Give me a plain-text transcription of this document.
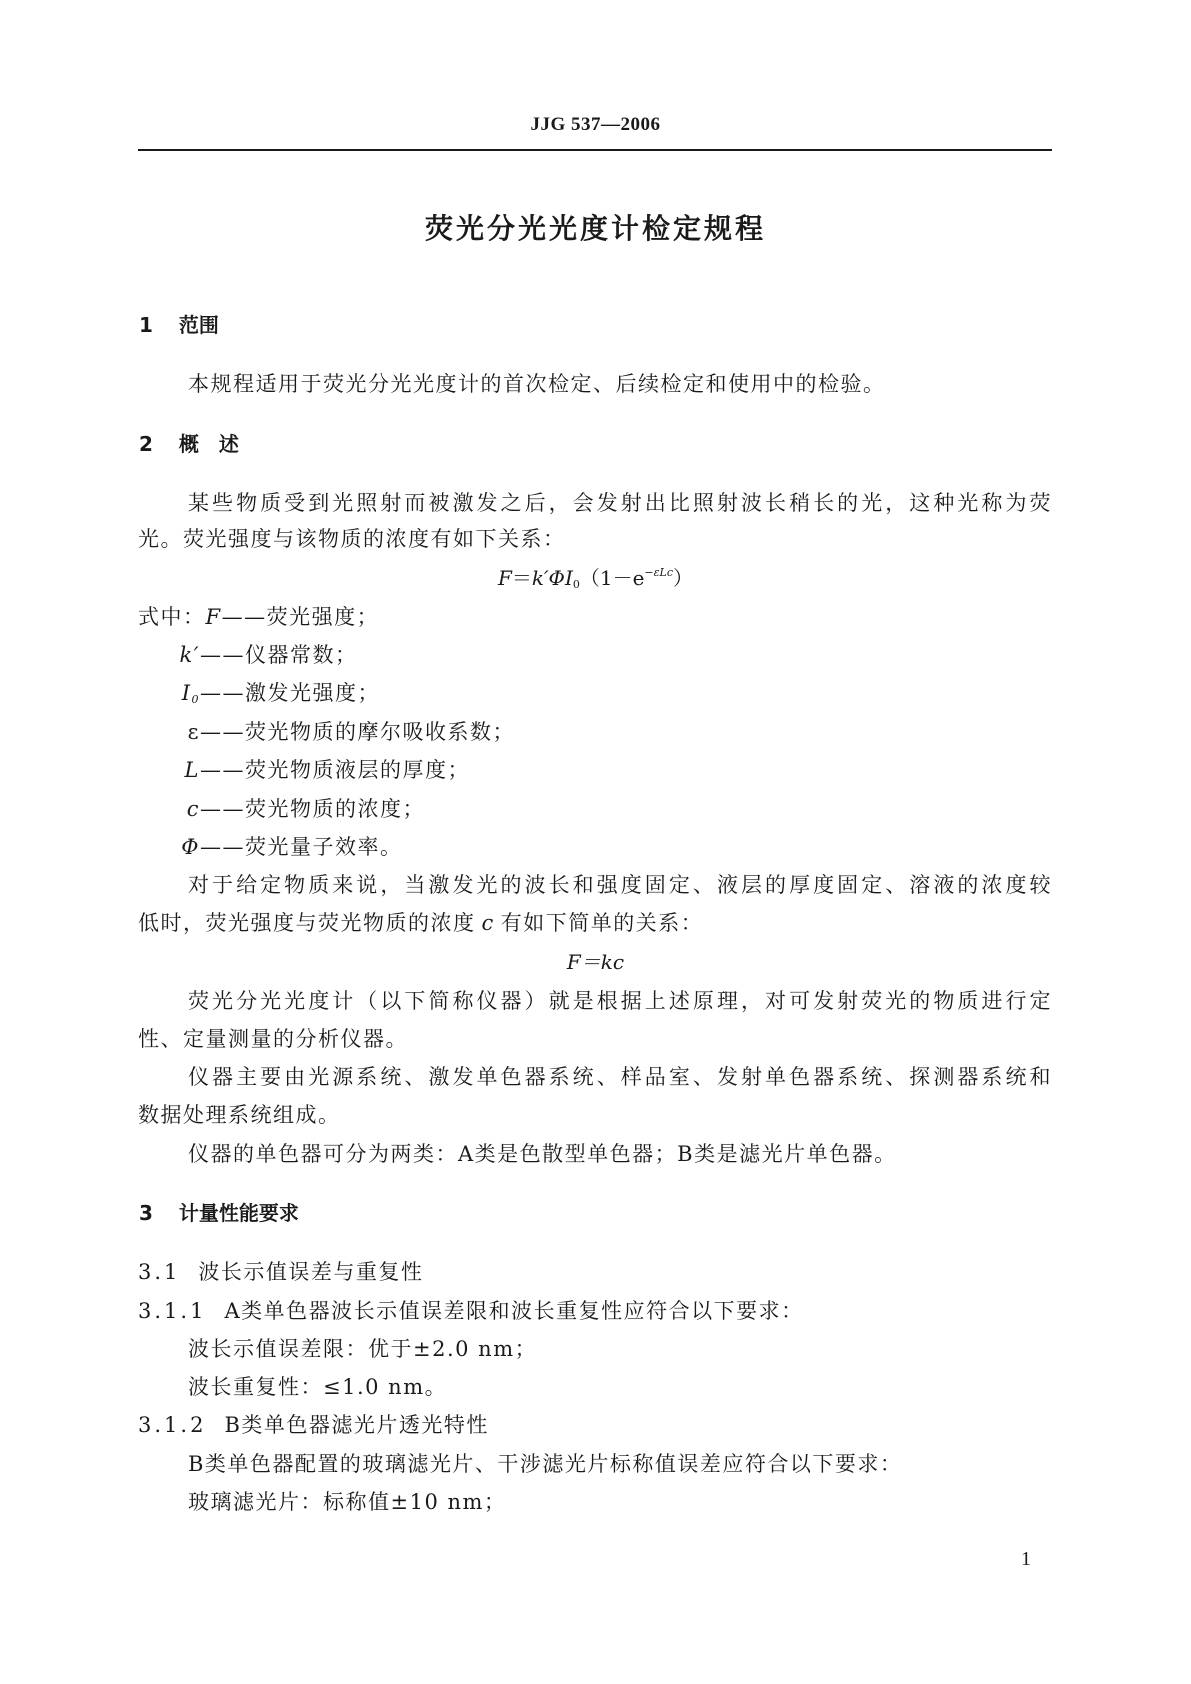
JJG 537—2006
荧光分光光度计检定规程
1 范围
本规程适用于荧光分光光度计的首次检定、后续检定和使用中的检验。
2 概　述
某些物质受到光照射而被激发之后，会发射出比照射波长稍长的光，这种光称为荧
光。荧光强度与该物质的浓度有如下关系：
$F=k'\Phi I_0(1-e^{-\varepsilon Lc})$
式中：F——荧光强度；
k′——仪器常数；
$I_0——$激发光强度；
ε——荧光物质的摩尔吸收系数；
L——荧光物质液层的厚度；
c——荧光物质的浓度；
Φ——荧光量子效率。
对于给定物质来说，当激发光的波长和强度固定、液层的厚度固定、溶液的浓度较
低时，荧光强度与荧光物质的浓度 c 有如下简单的关系：
F＝kc
荧光分光光度计（以下简称仪器）就是根据上述原理，对可发射荧光的物质进行定
性、定量测量的分析仪器。
仪器主要由光源系统、激发单色器系统、样品室、发射单色器系统、探测器系统和
数据处理系统组成。
仪器的单色器可分为两类：A类是色散型单色器；B类是滤光片单色器。
3 计量性能要求
3.1 波长示值误差与重复性
3.1.1 A类单色器波长示值误差限和波长重复性应符合以下要求：
波长示值误差限：优于±2.0 nm；
波长重复性：≤1.0 nm。
3.1.2 B类单色器滤光片透光特性
B类单色器配置的玻璃滤光片、干涉滤光片标称值误差应符合以下要求：
玻璃滤光片：标称值±10 nm；
1
